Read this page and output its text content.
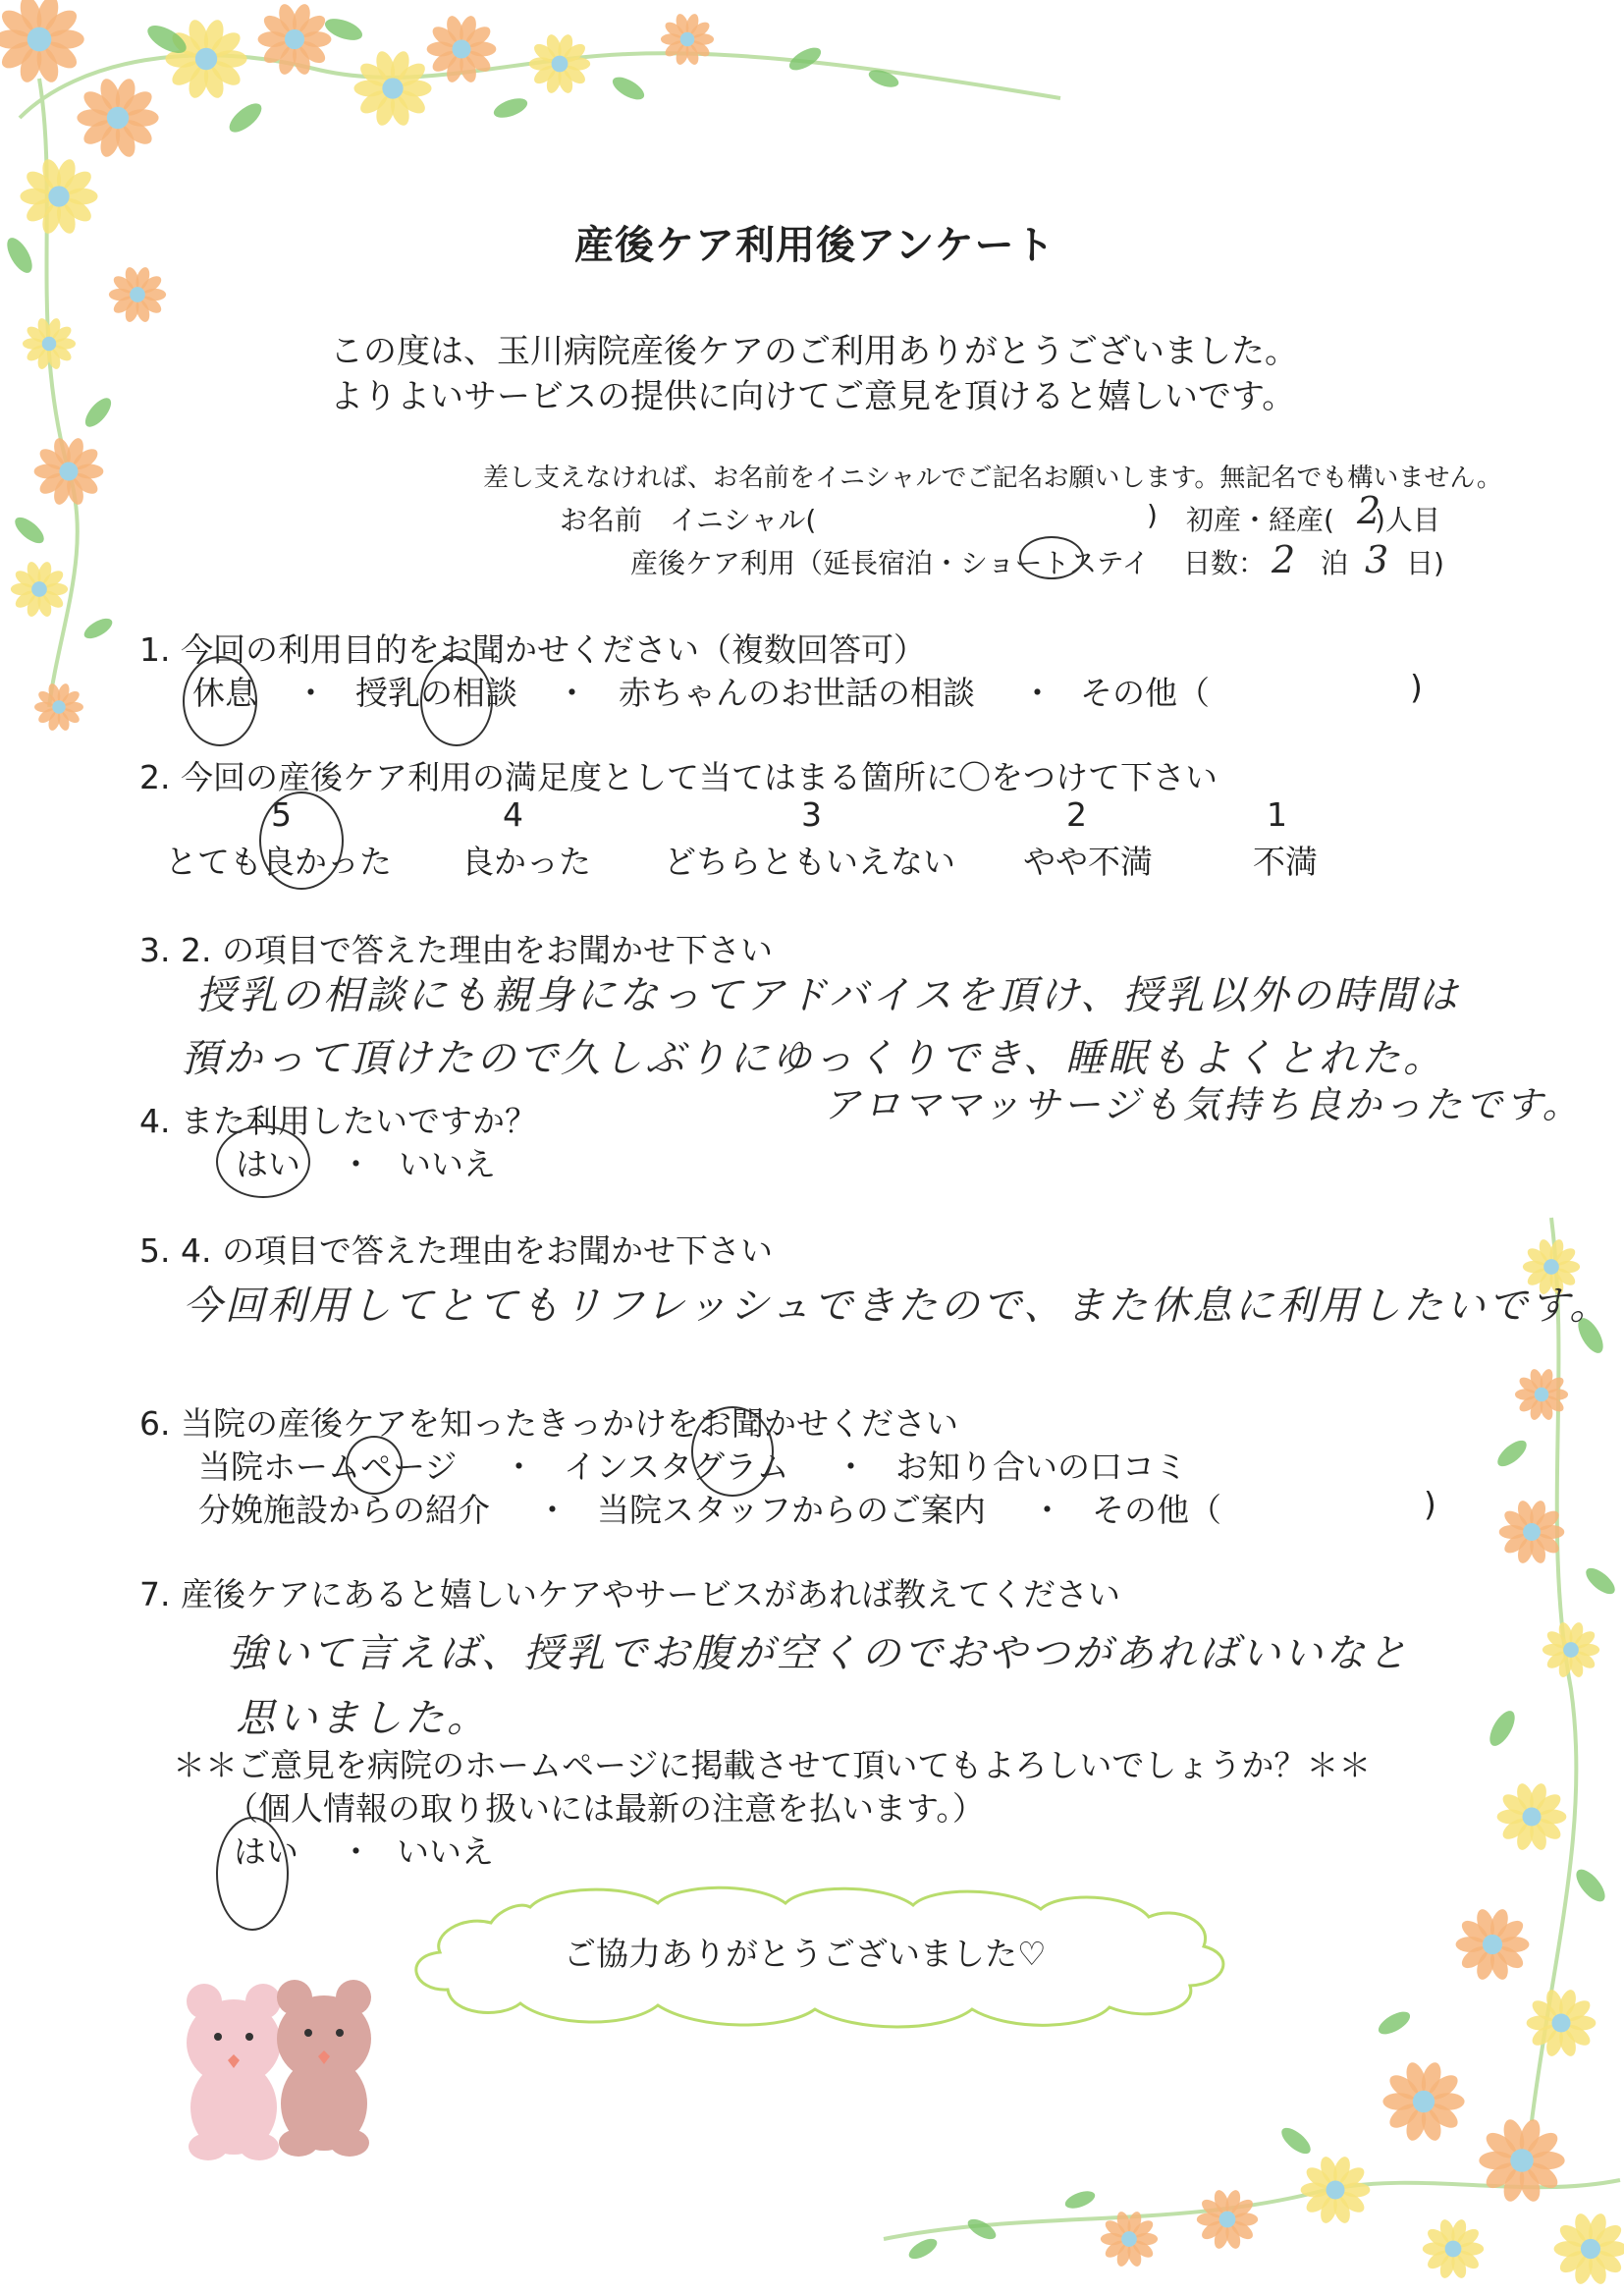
産後ケア利用後アンケート
この度は、玉川病院産後ケアのご利用ありがとうございました。
よりよいサービスの提供に向けてご意見を頂けると嬉しいです。
差し支えなければ、お名前をイニシャルでご記名お願いします。無記名でも構いません。
お名前　イニシャル(	) 初産・経産( 2
)人目
産後ケア利用（延長宿泊・ショートステイ 日数： 2 泊 3 日)
1. 今回の利用目的をお聞かせください（複数回答可）
休息 ・ 授乳の相談 ・ 赤ちゃんのお世話の相談 ・ その他（	)
2. 今回の産後ケア利用の満足度として当てはまる箇所に〇をつけて下さい
5	4	3	2	1
とても良かった 良かった どちらともいえない やや不満	不満
3. 2. の項目で答えた理由をお聞かせ下さい
授乳の相談にも親身になってアドバイスを頂け、授乳以外の時間は
預かって頂けたので久しぶりにゆっくりでき、睡眠もよくとれた。
アロママッサージも気持ち良かったです。
4. また利用したいですか？
はい ・ いいえ
5. 4. の項目で答えた理由をお聞かせ下さい
今回利用してとてもリフレッシュできたので、また休息に利用したいです。
6. 当院の産後ケアを知ったきっかけをお聞かせください
当院ホームページ ・ インスタグラム ・ お知り合いの口コミ
分娩施設からの紹介 ・ 当院スタッフからのご案内 ・ その他（	)
7. 産後ケアにあると嬉しいケアやサービスがあれば教えてください
強いて言えば、授乳でお腹が空くのでおやつがあればいいなと
思いました。
＊＊ご意見を病院のホームページに掲載させて頂いてもよろしいでしょうか？＊＊
（個人情報の取り扱いには最新の注意を払います。）
はい ・ いいえ
ご協力ありがとうございました♡
